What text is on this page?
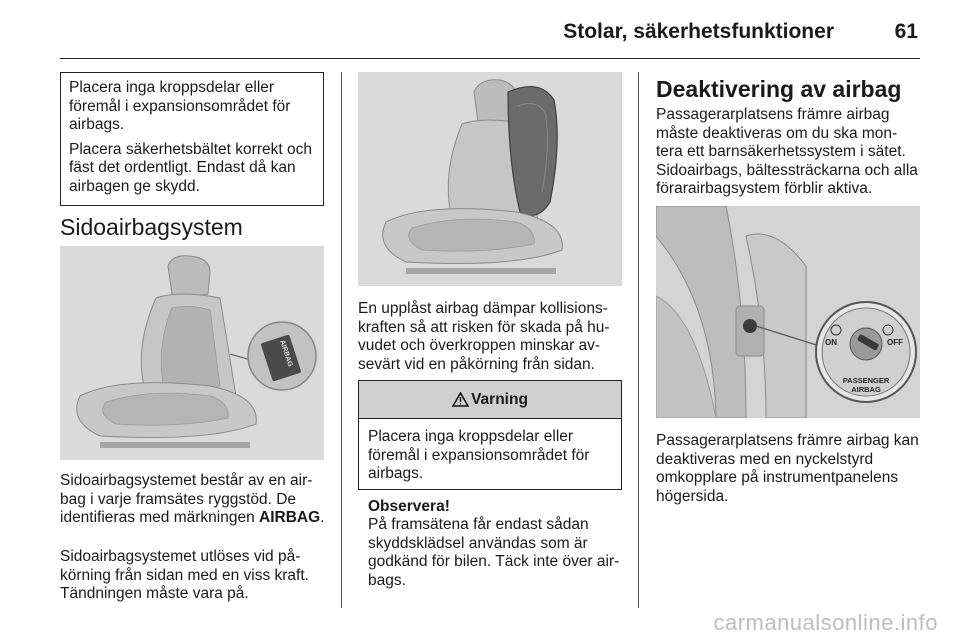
Stolar, säkerhetsfunktioner	61
Placera inga kroppsdelar eller föremål i expansionsområdet för airbags.
Placera säkerhetsbältet korrekt och fäst det ordentligt. Endast då kan airbagen ge skydd.
Sidoairbagsystem
AIRBAG
Sidoairbagsystemet består av en air- bag i varje framsätes ryggstöd. De identifieras med märkningen AIRBAG.
Sidoairbagsystemet utlöses vid på- körning från sidan med en viss kraft. Tändningen måste vara på.
En upplåst airbag dämpar kollisions- kraften så att risken för skada på hu- vudet och överkroppen minskar av- sevärt vid en påkörning från sidan.
Varning
Placera inga kroppsdelar eller föremål i expansionsområdet för airbags.
Observera!
På framsätena får endast sådan skyddsklädsel användas som är godkänd för bilen. Täck inte över air- bags.
Deaktivering av airbag
Passagerarplatsens främre airbag måste deaktiveras om du ska mon- tera ett barnsäkerhetssystem i sätet. Sidoairbags, bältessträckarna och alla förarairbagsystem förblir aktiva.
ON	OFF
PASSENGER
AIRBAG
Passagerarplatsens främre airbag kan deaktiveras med en nyckelstyrd omkopplare på instrumentpanelens högersida.
carmanualsonline.info
